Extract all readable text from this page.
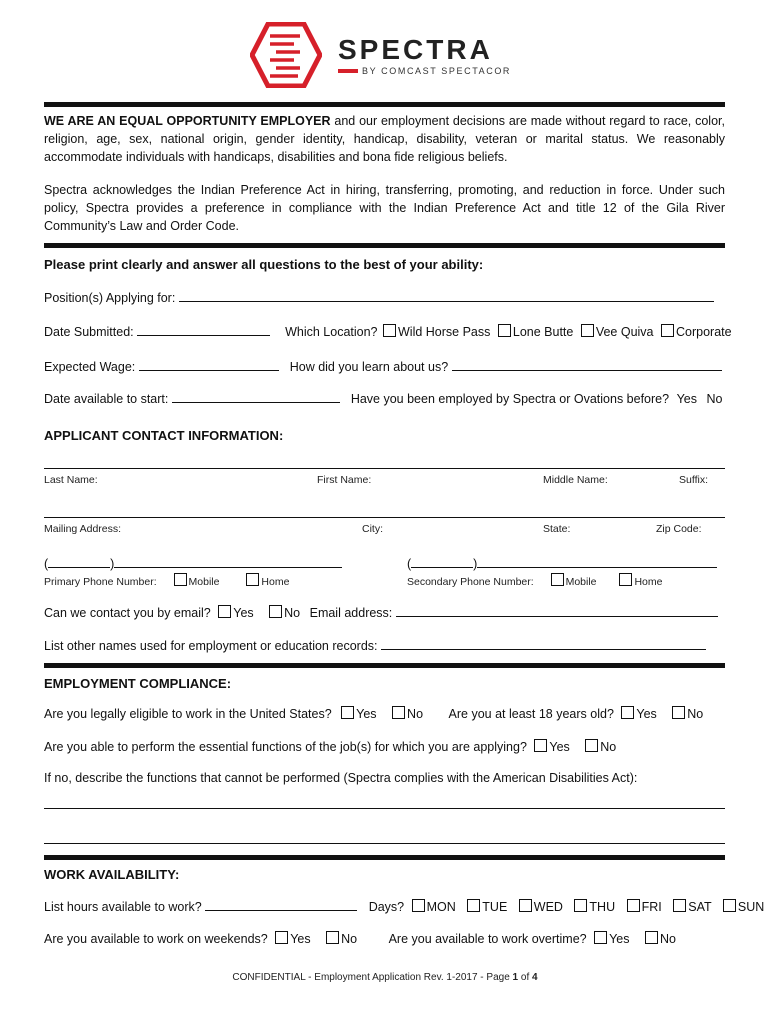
SPECTRA
BY COMCAST SPECTACOR
WE ARE AN EQUAL OPPORTUNITY EMPLOYER and our employment decisions are made without regard to race, color, religion, age, sex, national origin, gender identity, handicap, disability, veteran or marital status. We reasonably accommodate individuals with handicaps, disabilities and bona fide religious beliefs.
Spectra acknowledges the Indian Preference Act in hiring, transferring, promoting, and reduction in force. Under such policy, Spectra provides a preference in compliance with the Indian Preference Act and title 12 of the Gila River Community’s Law and Order Code.
Please print clearly and answer all questions to the best of your ability:
Position(s) Applying for:
Date Submitted:	Which Location? Wild Horse Pass Lone Butte Vee Quiva Corporate
Expected Wage:	How did you learn about us?
Date available to start:	Have you been employed by Spectra or Ovations before? Yes No
APPLICANT CONTACT INFORMATION:
Last Name:	First Name:	Middle Name:	Suffix:
Mailing Address:	City:	State:	Zip Code:
(	)	(	)
Primary Phone Number:	Mobile	Home	Secondary Phone Number:	Mobile	Home
Can we contact you by email? Yes No Email address:
List other names used for employment or education records:
EMPLOYMENT COMPLIANCE:
Are you legally eligible to work in the United States? Yes No Are you at least 18 years old? Yes No
Are you able to perform the essential functions of the job(s) for which you are applying? Yes No
If no, describe the functions that cannot be performed (Spectra complies with the American Disabilities Act):
WORK AVAILABILITY:
List hours available to work?	Days? MON TUE WED THU FRI SAT SUN
Are you available to work on weekends? Yes No	Are you available to work overtime? Yes No
CONFIDENTIAL - Employment Application Rev. 1-2017 - Page 1 of 4
